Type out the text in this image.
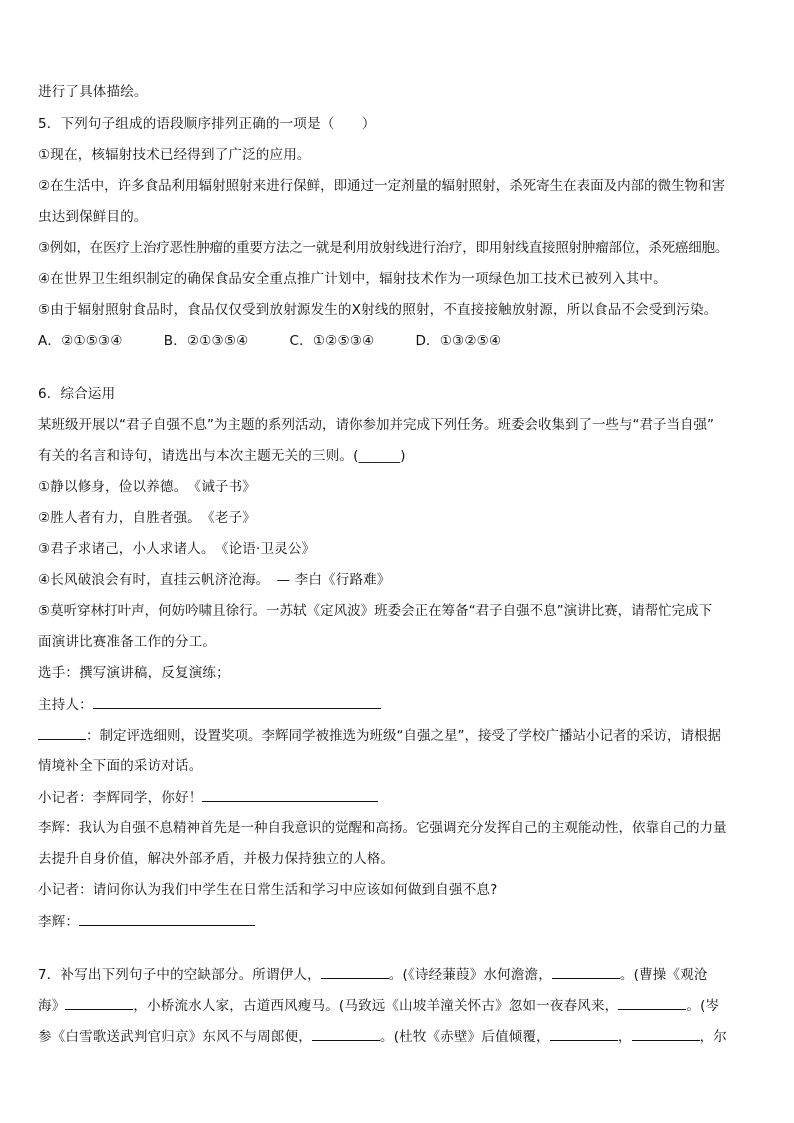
进行了具体描绘。
5．下列句子组成的语段顺序排列正确的一项是（　　）
①现在，核辐射技术已经得到了广泛的应用。
②在生活中，许多食品利用辐射照射来进行保鲜，即通过一定剂量的辐射照射，杀死寄生在表面及内部的微生物和害
虫达到保鲜目的。
③例如，在医疗上治疗恶性肿瘤的重要方法之一就是利用放射线进行治疗，即用射线直接照射肿瘤部位，杀死癌细胞。
④在世界卫生组织制定的确保食品安全重点推广计划中，辐射技术作为一项绿色加工技术已被列入其中。
⑤由于辐射照射食品时，食品仅仅受到放射源发生的X射线的照射，不直接接触放射源，所以食品不会受到污染。
A．②①⑤③④　　　B．②①③⑤④　　　C．①②⑤③④　　　D．①③②⑤④
6．综合运用
某班级开展以“君子自强不息”为主题的系列活动，请你参加并完成下列任务。班委会收集到了一些与“君子当自强”
有关的名言和诗句，请选出与本次主题无关的三则。(______)
①静以修身，俭以养德。　《诫子书》
②胜人者有力，自胜者强。　《老子》
③君子求诸己，小人求诸人。　《论语·卫灵公》
④长风破浪会有时，直挂云帆济沧海。　— 李白《行路难》
⑤莫听穿林打叶声，何妨吟啸且徐行。一苏轼《定风波》班委会正在筹备“君子自强不息”演讲比赛，请帮忙完成下
面演讲比赛准备工作的分工。
选手：撰写演讲稿，反复演练；
主持人：
：制定评选细则，设置奖项。李辉同学被推选为班级“自强之星”，接受了学校广播站小记者的采访，请根据
情境补全下面的采访对话。
小记者：李辉同学，你好！
李辉：我认为自强不息精神首先是一种自我意识的觉醒和高扬。它强调充分发挥自己的主观能动性，依靠自己的力量
去提升自身价值，解决外部矛盾，并极力保持独立的人格。
小记者：请问你认为我们中学生在日常生活和学习中应该如何做到自强不息?
李辉：
7．补写出下列句子中的空缺部分。所谓伊人，	。(《诗经蒹葭》水何澹澹，	。(曹操《观沧
海》	，小桥流水人家，古道西风瘦马。(马致远《山坡羊潼关怀古》忽如一夜春风来，	。(岑
参《白雪歌送武判官归京》东风不与周郎便，	。(杜牧《赤壁》后值倾覆，	，	，尔
